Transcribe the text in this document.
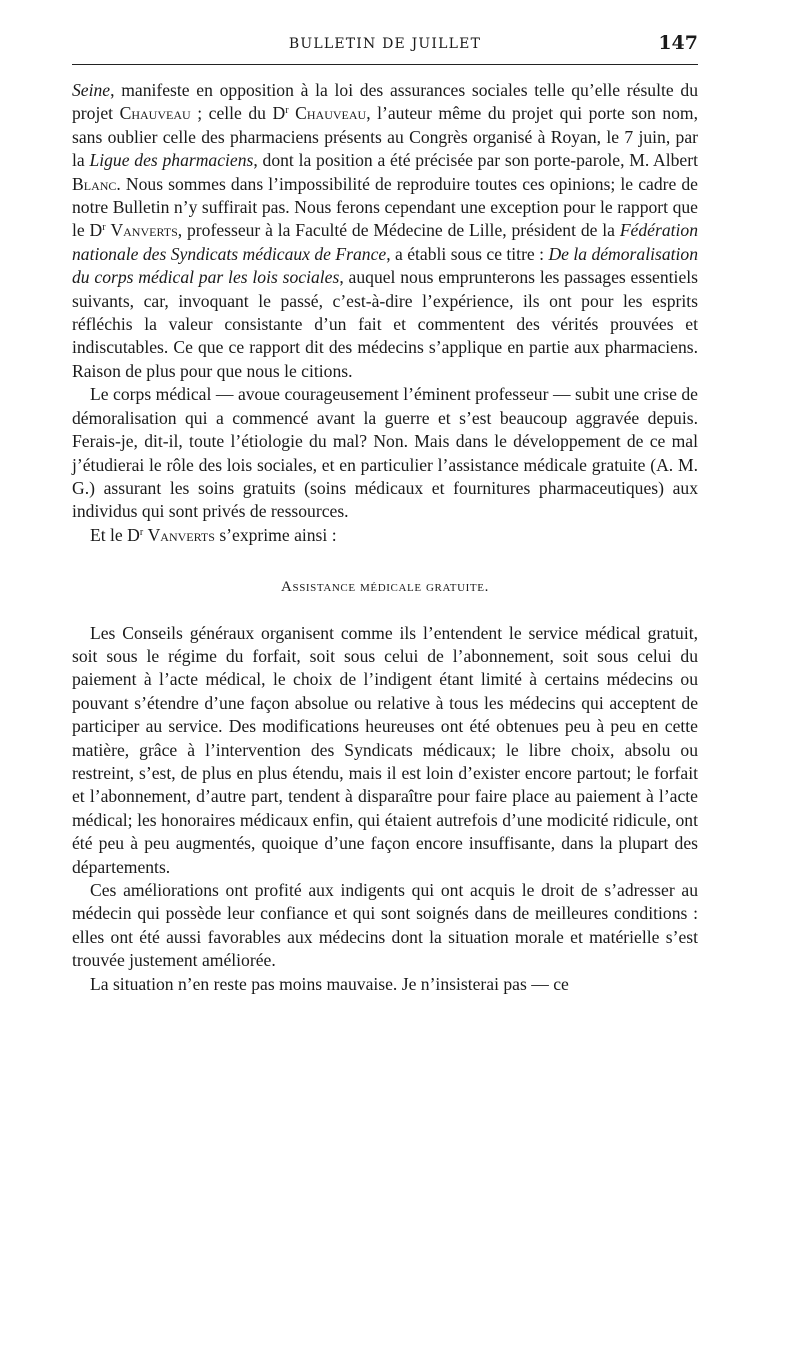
BULLETIN DE JUILLET	147

Seine, manifeste en opposition à la loi des assurances sociales telle qu’elle résulte du projet Chauveau ; celle du $D^r$ Chauveau, l’auteur même du projet qui porte son nom, sans oublier celle des pharmaciens présents au Congrès organisé à Royan, le 7 juin, par la Ligue des pharmaciens, dont la position a été précisée par son porte-parole, M. Albert Blanc. Nous sommes dans l’impossibilité de reproduire toutes ces opinions; le cadre de notre Bulletin n’y suffirait pas. Nous ferons cependant une exception pour le rapport que le $D^r$ Vanverts, professeur à la Faculté de Médecine de Lille, président de la Fédération nationale des Syndicats médicaux de France, a établi sous ce titre : De la démoralisation du corps médical par les lois sociales, auquel nous emprunterons les passages essentiels suivants, car, invoquant le passé, c’est-à-dire l’expérience, ils ont pour les esprits réfléchis la valeur consistante d’un fait et commentent des vérités prouvées et indiscutables. Ce que ce rapport dit des médecins s’applique en partie aux pharmaciens. Raison de plus pour que nous le citions.

Le corps médical — avoue courageusement l’éminent professeur — subit une crise de démoralisation qui a commencé avant la guerre et s’est beaucoup aggravée depuis. Ferais-je, dit-il, toute l’étiologie du mal? Non. Mais dans le développement de ce mal j’étudierai le rôle des lois sociales, et en particulier l’assistance médicale gratuite (A. M. G.) assurant les soins gratuits (soins médicaux et fournitures pharmaceutiques) aux individus qui sont privés de ressources.

Et le $D^r$ Vanverts s’exprime ainsi :

Assistance médicale gratuite.

Les Conseils généraux organisent comme ils l’entendent le service médical gratuit, soit sous le régime du forfait, soit sous celui de l’abonnement, soit sous celui du paiement à l’acte médical, le choix de l’indigent étant limité à certains médecins ou pouvant s’étendre d’une façon absolue ou relative à tous les médecins qui acceptent de participer au service. Des modifications heureuses ont été obtenues peu à peu en cette matière, grâce à l’intervention des Syndicats médicaux; le libre choix, absolu ou restreint, s’est, de plus en plus étendu, mais il est loin d’exister encore partout; le forfait et l’abonnement, d’autre part, tendent à disparaître pour faire place au paiement à l’acte médical; les honoraires médicaux enfin, qui étaient autrefois d’une modicité ridicule, ont été peu à peu augmentés, quoique d’une façon encore insuffisante, dans la plupart des départements.

Ces améliorations ont profité aux indigents qui ont acquis le droit de s’adresser au médecin qui possède leur confiance et qui sont soignés dans de meilleures conditions : elles ont été aussi favorables aux médecins dont la situation morale et matérielle s’est trouvée justement améliorée.

La situation n’en reste pas moins mauvaise. Je n’insisterai pas — ce
